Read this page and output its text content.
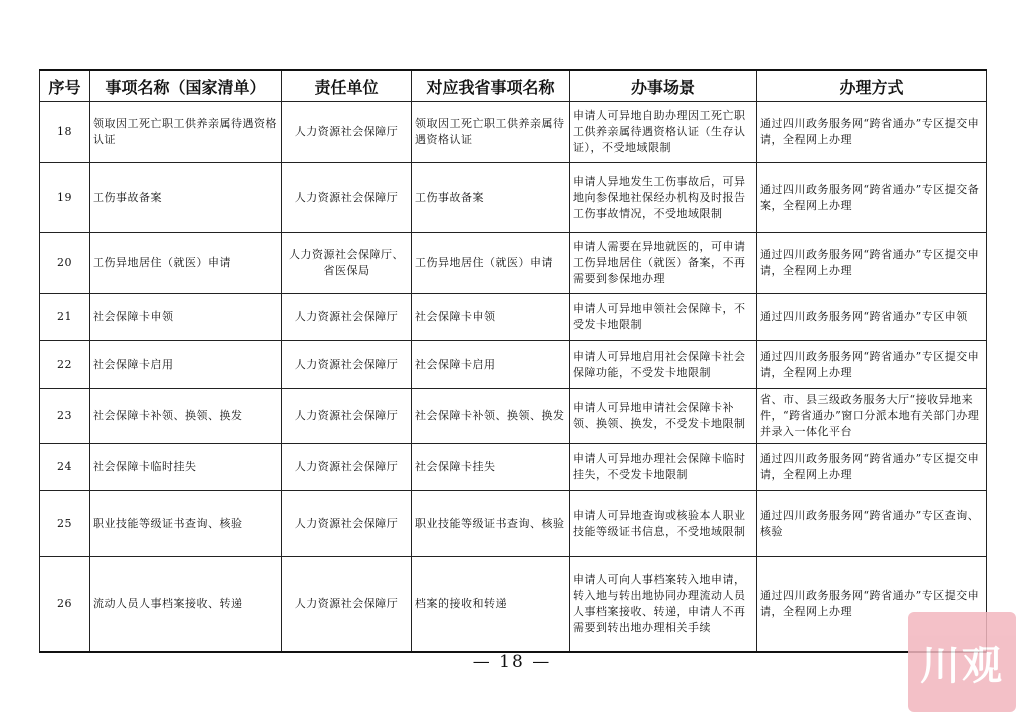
序号	事项名称（国家清单）	责任单位	对应我省事项名称	办事场景	办理方式
18	领取因工死亡职工供养亲属待遇资格认证	人力资源社会保障厅	领取因工死亡职工供养亲属待遇资格认证	申请人可异地自助办理因工死亡职工供养亲属待遇资格认证（生存认证），不受地域限制	通过四川政务服务网“跨省通办”专区提交申请，全程网上办理
19	工伤事故备案	人力资源社会保障厅	工伤事故备案	申请人异地发生工伤事故后，可异地向参保地社保经办机构及时报告工伤事故情况，不受地域限制	通过四川政务服务网“跨省通办”专区提交备案，全程网上办理
20	工伤异地居住（就医）申请	人力资源社会保障厅、省医保局	工伤异地居住（就医）申请	申请人需要在异地就医的，可申请工伤异地居住（就医）备案，不再需要到参保地办理	通过四川政务服务网“跨省通办”专区提交申请，全程网上办理
21	社会保障卡申领	人力资源社会保障厅	社会保障卡申领	申请人可异地申领社会保障卡，不受发卡地限制	通过四川政务服务网“跨省通办”专区申领
22	社会保障卡启用	人力资源社会保障厅	社会保障卡启用	申请人可异地启用社会保障卡社会保障功能，不受发卡地限制	通过四川政务服务网“跨省通办”专区提交申请，全程网上办理
23	社会保障卡补领、换领、换发	人力资源社会保障厅	社会保障卡补领、换领、换发	申请人可异地申请社会保障卡补领、换领、换发，不受发卡地限制	省、市、县三级政务服务大厅“接收异地来件，“跨省通办”窗口分派本地有关部门办理并录入一体化平台
24	社会保障卡临时挂失	人力资源社会保障厅	社会保障卡挂失	申请人可异地办理社会保障卡临时挂失，不受发卡地限制	通过四川政务服务网“跨省通办”专区提交申请，全程网上办理
25	职业技能等级证书查询、核验	人力资源社会保障厅	职业技能等级证书查询、核验	申请人可异地查询或核验本人职业技能等级证书信息，不受地域限制	通过四川政务服务网“跨省通办”专区查询、核验
26	流动人员人事档案接收、转递	人力资源社会保障厅	档案的接收和转递	申请人可向人事档案转入地申请，转入地与转出地协同办理流动人员人事档案接收、转递，申请人不再需要到转出地办理相关手续	通过四川政务服务网“跨省通办”专区提交申请，全程网上办理
— 18 —	川观
